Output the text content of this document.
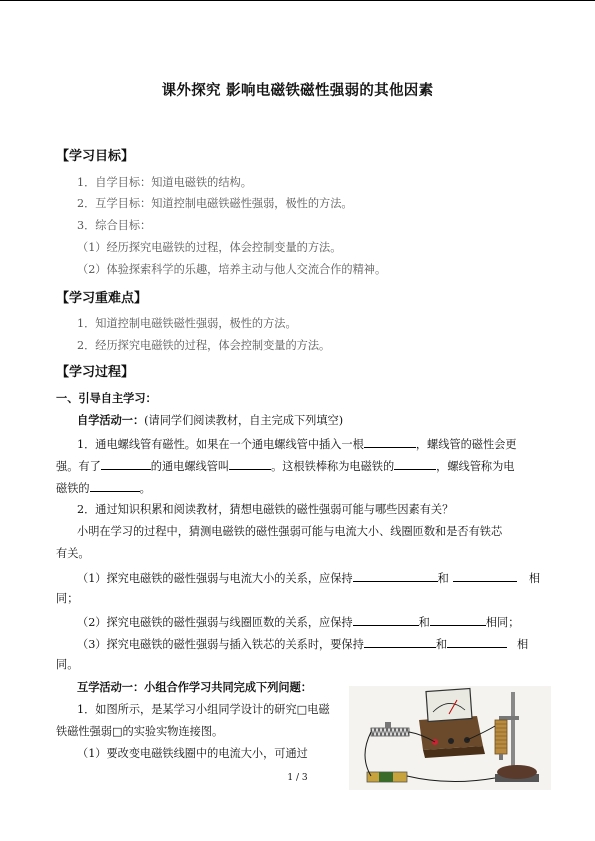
课外探究 影响电磁铁磁性强弱的其他因素
【学习目标】
1．自学目标：知道电磁铁的结构。
2．互学目标：知道控制电磁铁磁性强弱，极性的方法。
3．综合目标：
（1）经历探究电磁铁的过程，体会控制变量的方法。
（2）体验探索科学的乐趣，培养主动与他人交流合作的精神。
【学习重难点】
1．知道控制电磁铁磁性强弱，极性的方法。
2．经历探究电磁铁的过程，体会控制变量的方法。
【学习过程】
一、引导自主学习：
自学活动一：(请同学们阅读教材，自主完成下列填空)
1．通电螺线管有磁性。如果在一个通电螺线管中插入一根	，螺线管的磁性会更
强。有了	的通电螺线管叫	。这根铁棒称为电磁铁的	，螺线管称为电
磁铁的	。
2．通过知识积累和阅读教材，猜想电磁铁的磁性强弱可能与哪些因素有关？
小明在学习的过程中，猜测电磁铁的磁性强弱可能与电流大小、线圈匝数和是否有铁芯
有关。
（1）探究电磁铁的磁性强弱与电流大小的关系，应保持	和	相
同；
（2）探究电磁铁的磁性强弱与线圈匝数的关系，应保持	和	相同；
（3）探究电磁铁的磁性强弱与插入铁芯的关系时，要保持	和	相
同。
互学活动一：小组合作学习共同完成下列问题：
1．如图所示，是某学习小组同学设计的研究□电磁
铁磁性强弱□的实验实物连接图。
（1）要改变电磁铁线圈中的电流大小，可通过
1 / 3
